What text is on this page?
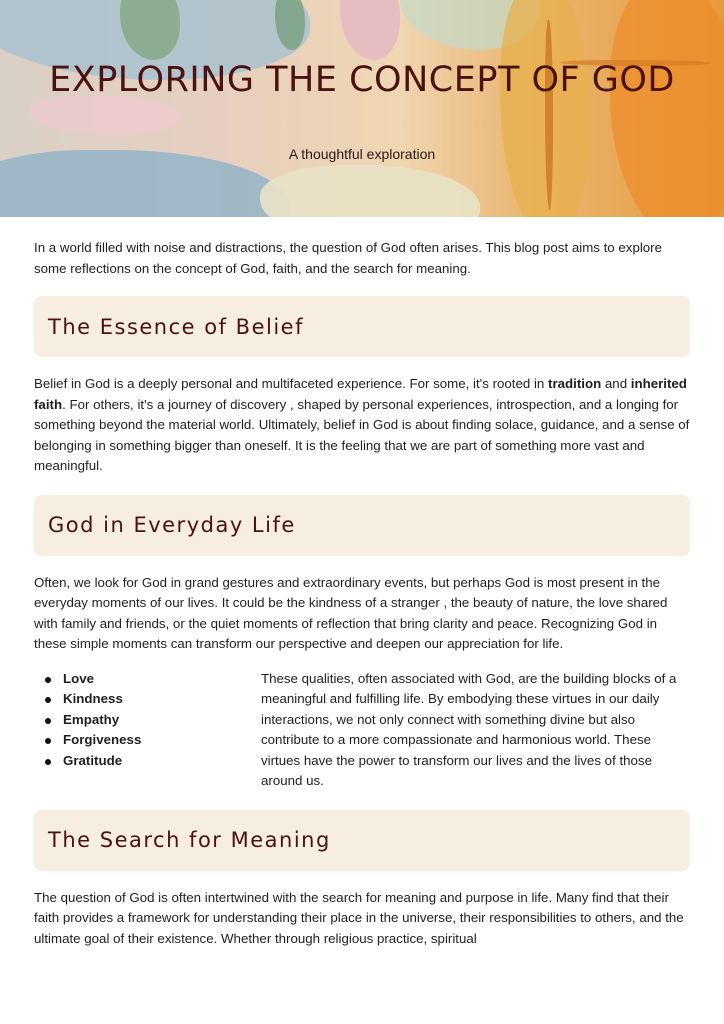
EXPLORING THE CONCEPT OF GOD
A thoughtful exploration

In a world filled with noise and distractions, the question of God often arises. This blog post aims to explore some reflections on the concept of God, faith, and the search for meaning.

The Essence of Belief

Belief in God is a deeply personal and multifaceted experience. For some, it's rooted in tradition and inherited faith. For others, it's a journey of discovery , shaped by personal experiences, introspection, and a longing for something beyond the material world. Ultimately, belief in God is about finding solace, guidance, and a sense of belonging in something bigger than oneself. It is the feeling that we are part of something more vast and meaningful.

God in Everyday Life

Often, we look for God in grand gestures and extraordinary events, but perhaps God is most present in the everyday moments of our lives. It could be the kindness of a stranger , the beauty of nature, the love shared with family and friends, or the quiet moments of reflection that bring clarity and peace. Recognizing God in these simple moments can transform our perspective and deepen our appreciation for life.

Love
Kindness
Empathy
Forgiveness
Gratitude

These qualities, often associated with God, are the building blocks of a meaningful and fulfilling life. By embodying these virtues in our daily interactions, we not only connect with something divine but also contribute to a more compassionate and harmonious world. These virtues have the power to transform our lives and the lives of those around us.

The Search for Meaning

The question of God is often intertwined with the search for meaning and purpose in life. Many find that their faith provides a framework for understanding their place in the universe, their responsibilities to others, and the ultimate goal of their existence. Whether through religious practice, spiritual
